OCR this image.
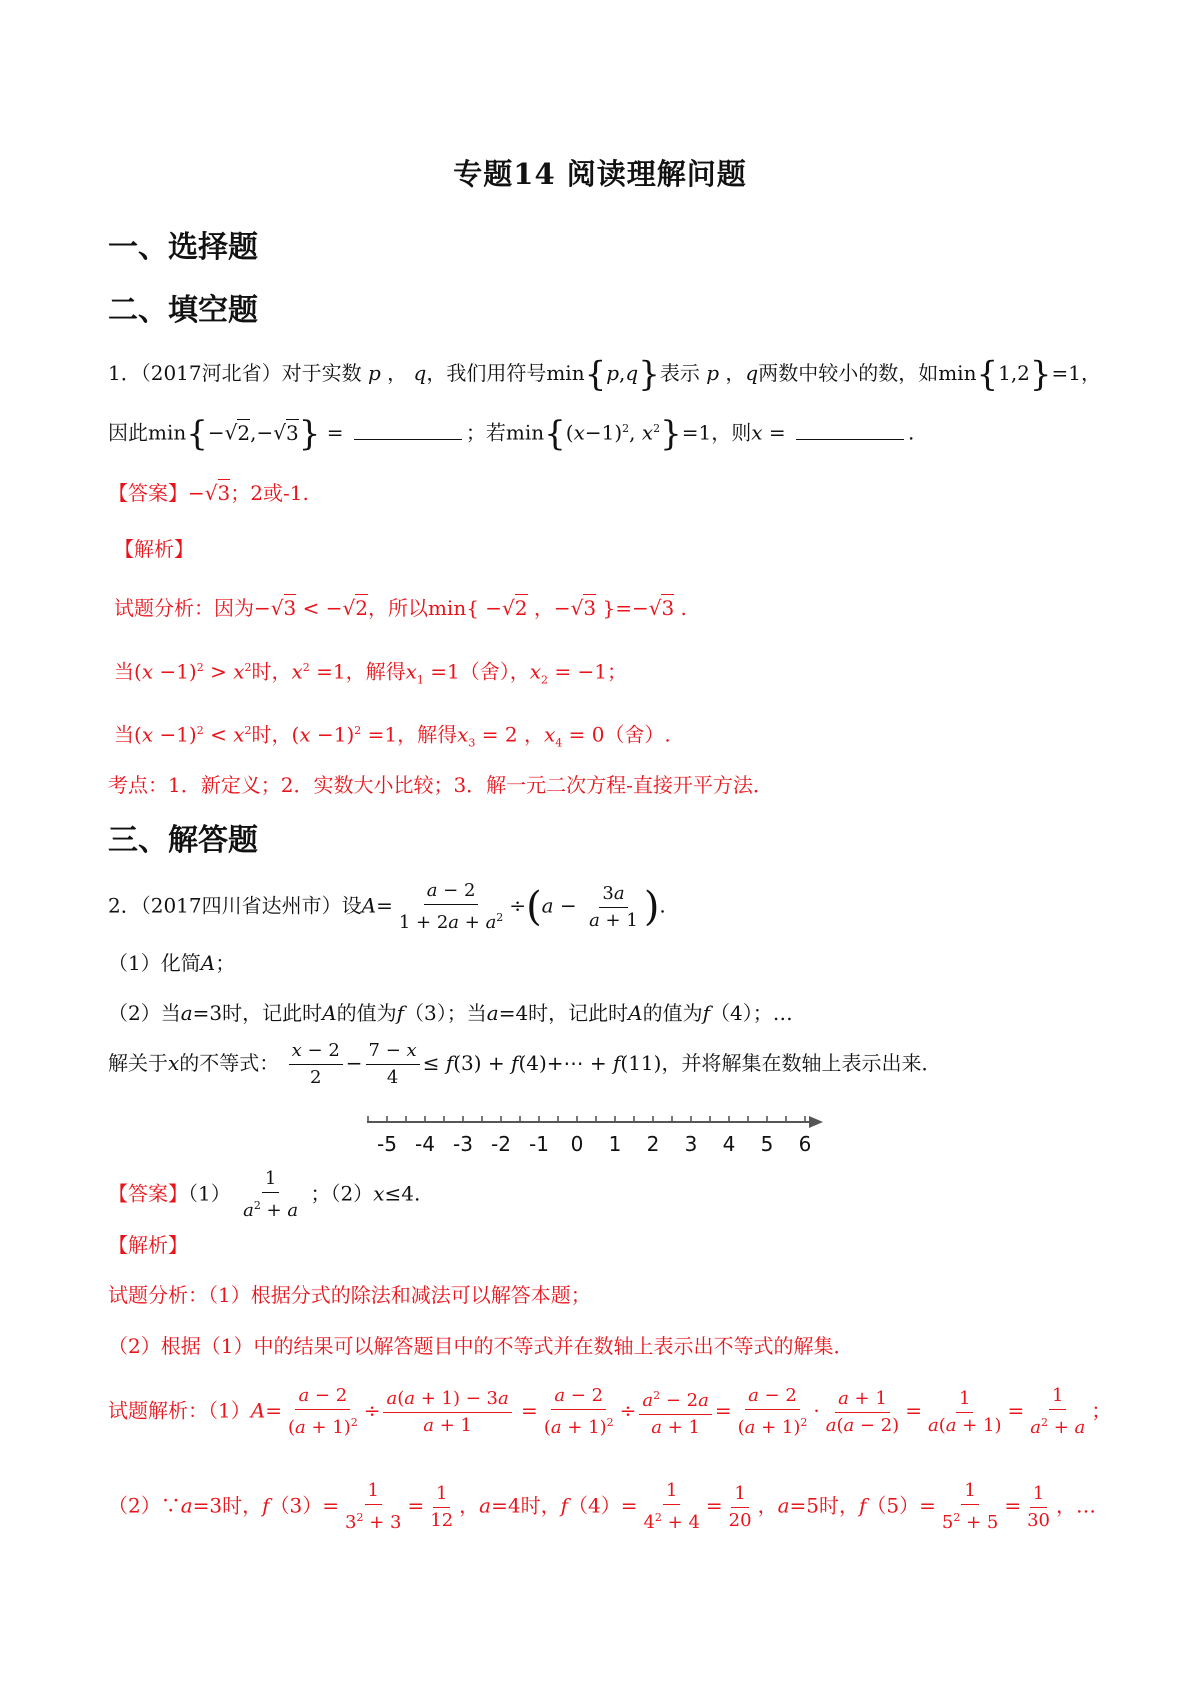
专题14 阅读理解问题
一、选择题
二、填空题
1．（2017河北省）对于实数 p ， q，我们用符号min{p,q}表示 p ，q两数中较小的数，如min{1,2}=1，
因此min{−√2,−√3} =	；若$\min\{(x-1)^2$, $x^2\}=1$，则x =	.
【答案】−√3；2或-1.
【解析】
试题分析：因为−√3 < −√2，所以min{ −√2 ，−√3 }=−√3 .
当$(x -1)^2 > x^2$时，$x^2 =1$，解得$x_1 =1$（舍），$x_2 = -1$；
当$(x -1)^2 < x^2$时，$(x -1)^2 =1$，解得$x_3 = 2$ ，$x_4 = 0$（舍）.
考点：1．新定义；2．实数大小比较；3．解一元二次方程-直接开平方法．
三、解答题
2．（2017四川省达州市）设$A= \frac{a - 2}{1 + 2a + a^2} \div(a - \frac{3a}{a + 1}$ ).
（1）化简A；
（2）当a=3时，记此时A的值为f（3）；当a=4时，记此时A的值为f（4）；…
解关于x的不等式： $\frac{x - 2}{2} - \frac{7 - x}{4} \le f(3)$ + f(4)+⋯ + f(11)，并将解集在数轴上表示出来．
-5 -4 -3 -2 -1 0 1 2 3 4 5 6
【答案】$(1) \frac{1}{a^2 + a}$ ；（2）x≤4.
【解析】
试题分析：（1）根据分式的除法和减法可以解答本题；
（2）根据（1）中的结果可以解答题目中的不等式并在数轴上表示出不等式的解集．
试题解析：$(1)A= \frac{a - 2}{(a + 1)^2} \div \frac{a(a + 1) - 3a}{a + 1} = \frac{a - 2}{(a + 1)^2} \div \frac{a^2 - 2a}{a + 1} = \frac{a - 2}{(a + 1)^2} \cdot \frac{a + 1}{a(a - 2)} = \frac{1}{a(a + 1)} = \frac{1}{a^2 + a}$ ；
（2）∵a=3时，$f(3)= \frac{1}{3^2 + 3} = \frac{1}{12}$ ，a=4时，$f(4)= \frac{1}{4^2 + 4} = \frac{1}{20}$ ，a=5时，$f(5)= \frac{1}{5^2 + 5} = \frac{1}{30}$ ，…
